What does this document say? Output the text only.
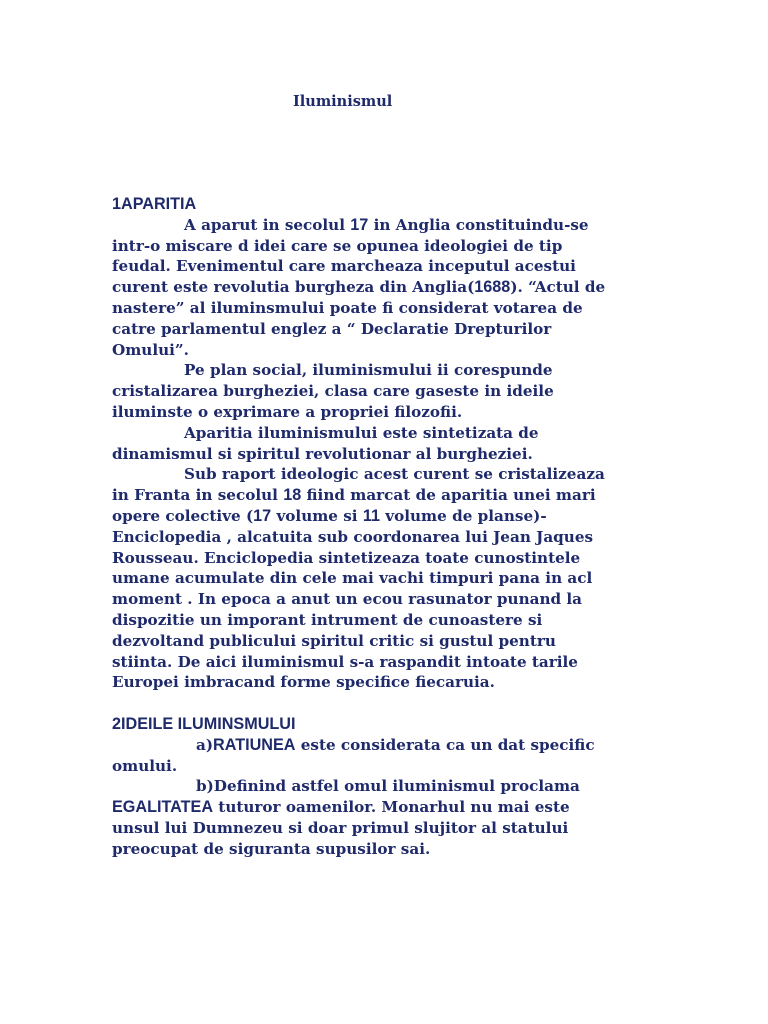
Iluminismul
1APARITIA
A aparut in secolul 17 in Anglia constituindu-se
intr-o miscare d idei care se opunea ideologiei de tip
feudal. Evenimentul care marcheaza inceputul acestui
curent este revolutia burgheza din Anglia(1688). “Actul de
nastere” al iluminsmului poate fi considerat votarea de
catre parlamentul englez a “ Declaratie Drepturilor
Omului”.
Pe plan social, iluminismului ii corespunde
cristalizarea burgheziei, clasa care gaseste in ideile
iluminste o exprimare a propriei filozofii.
Aparitia iluminismului este sintetizata de
dinamismul si spiritul revolutionar al burgheziei.
Sub raport ideologic acest curent se cristalizeaza
in Franta in secolul 18 fiind marcat de aparitia unei mari
opere colective (17 volume si 11 volume de planse)-
Enciclopedia , alcatuita sub coordonarea lui Jean Jaques
Rousseau. Enciclopedia sintetizeaza toate cunostintele
umane acumulate din cele mai vachi timpuri pana in acl
moment . In epoca a anut un ecou rasunator punand la
dispozitie un imporant intrument de cunoastere si
dezvoltand publicului spiritul critic si gustul pentru
stiinta. De aici iluminismul s-a raspandit intoate tarile
Europei imbracand forme specifice fiecaruia.
2IDEILE ILUMINSMULUI
a)RATIUNEA este considerata ca un dat specific
omului.
b)Definind astfel omul iluminismul proclama
EGALITATEA tuturor oamenilor. Monarhul nu mai este
unsul lui Dumnezeu si doar primul slujitor al statului
preocupat de siguranta supusilor sai.
